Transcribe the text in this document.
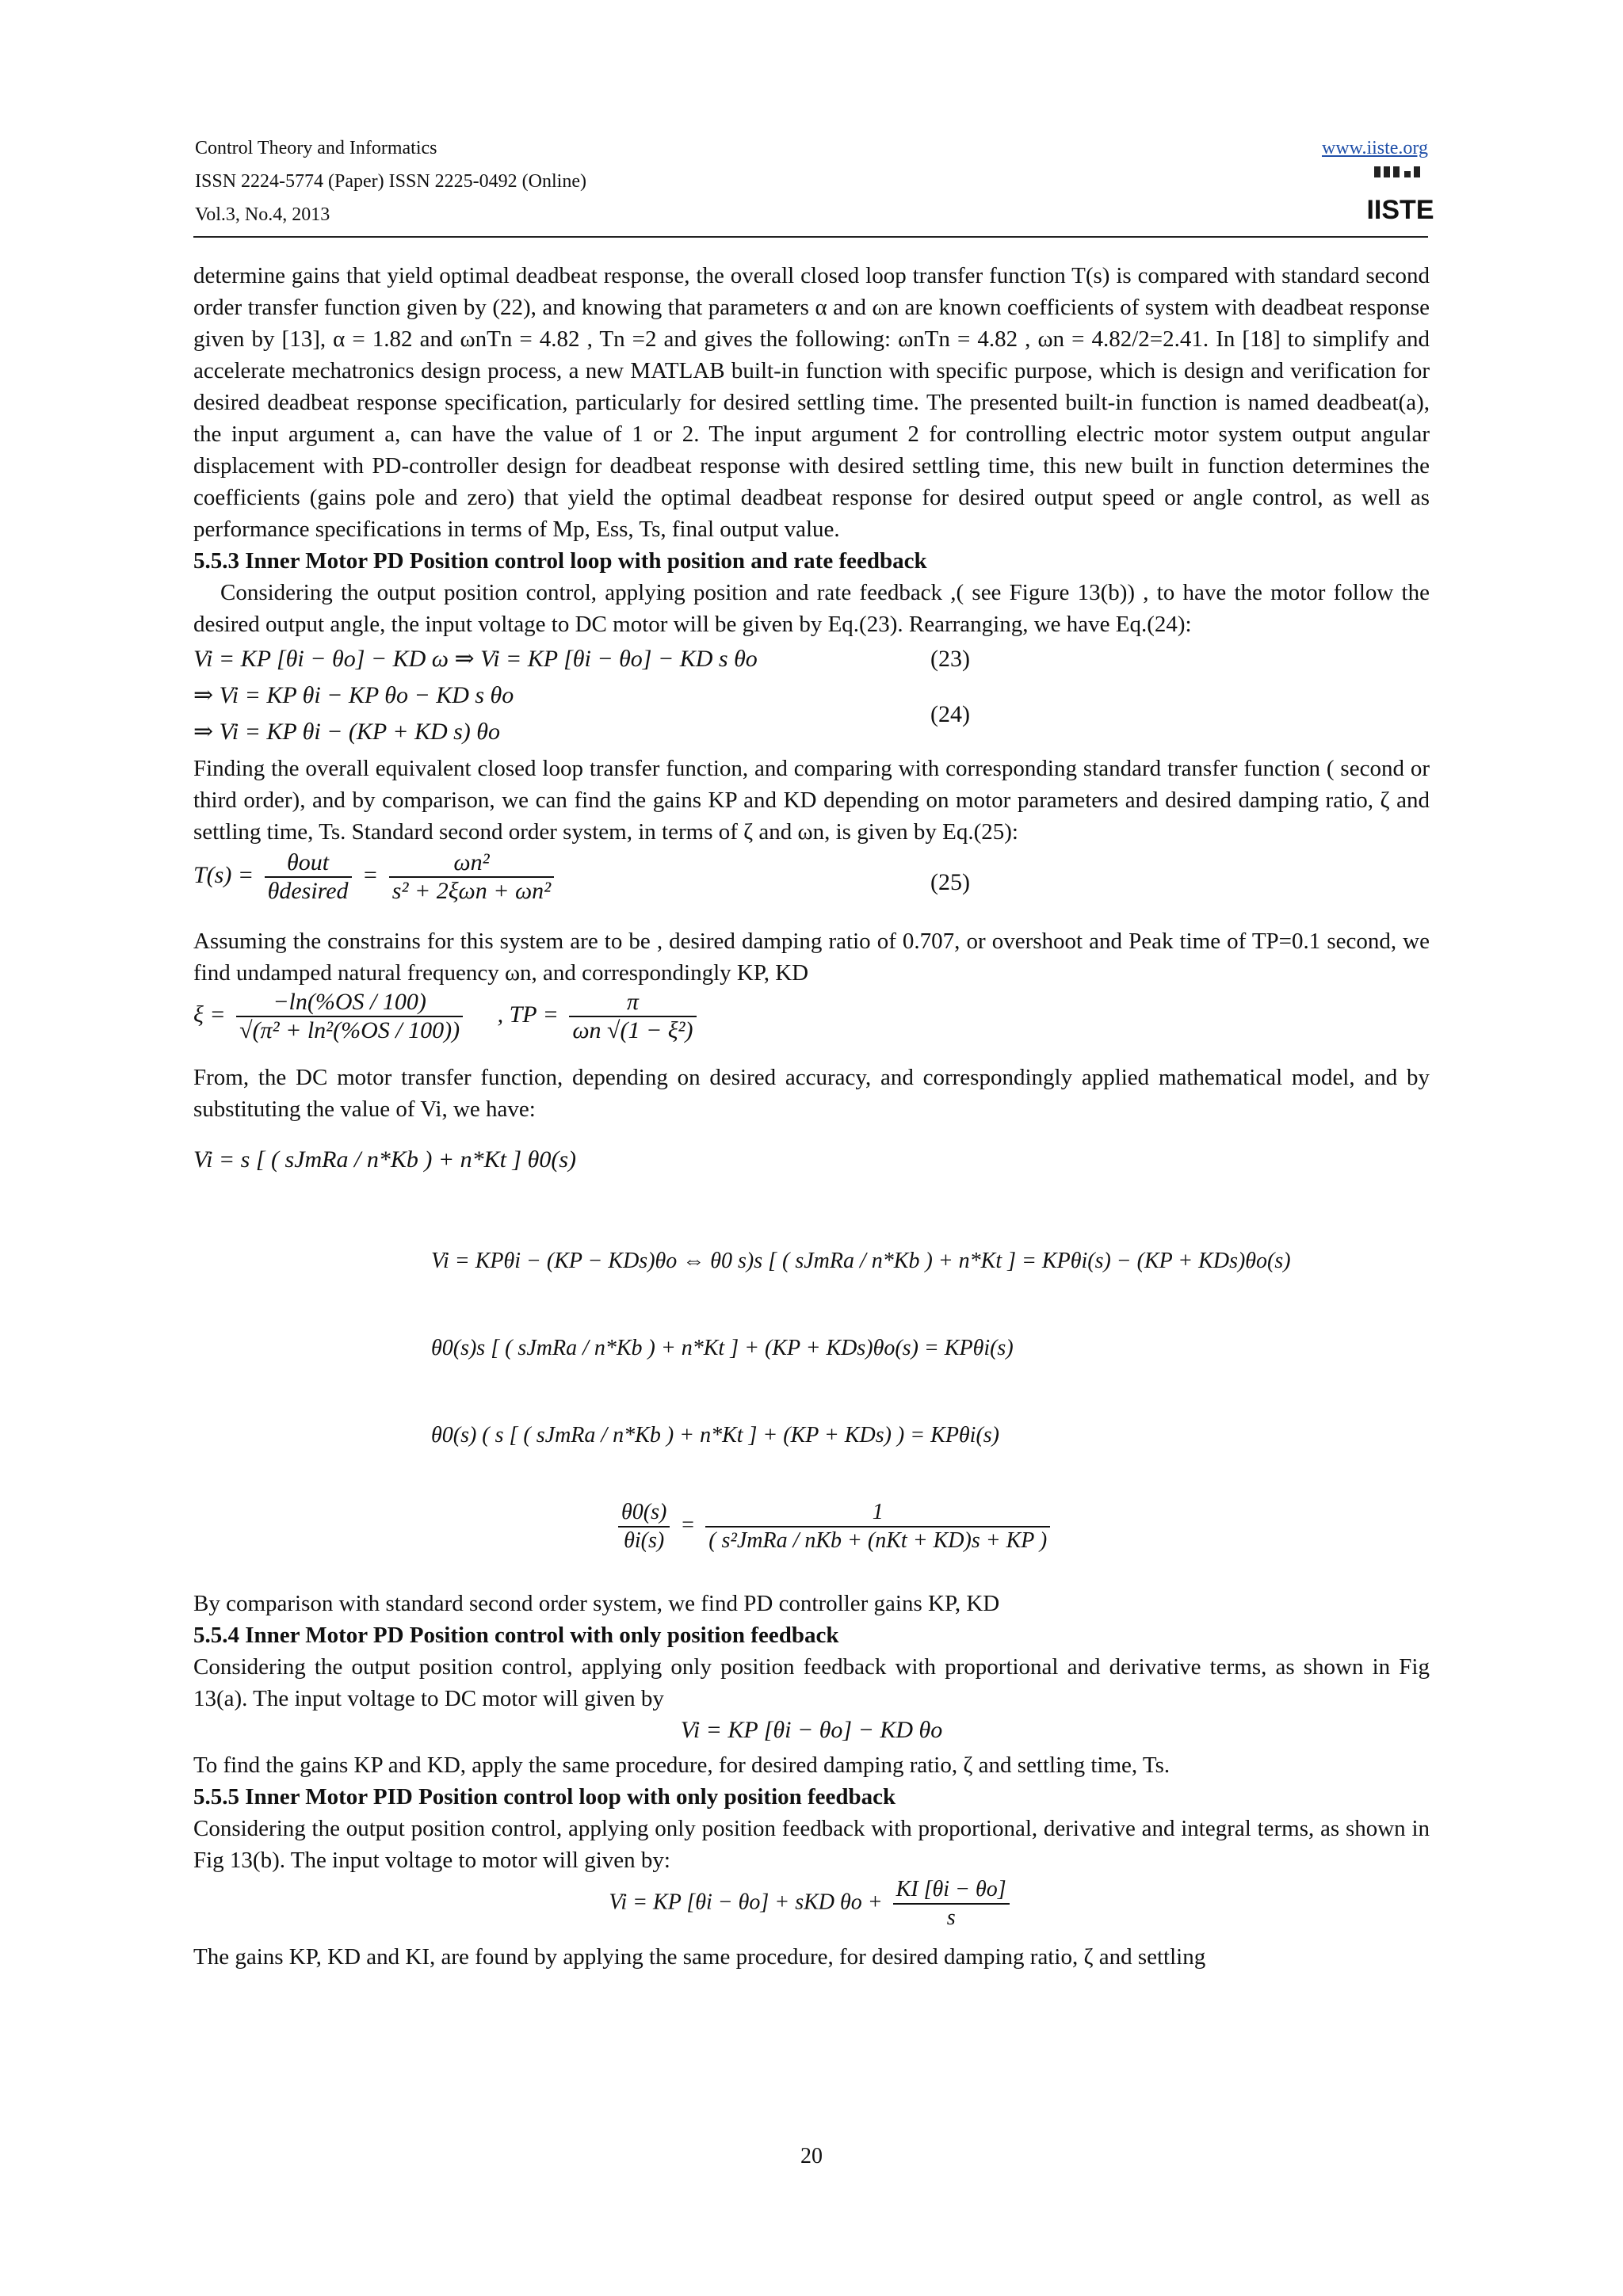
Control Theory and Informatics
ISSN 2224-5774 (Paper) ISSN 2225-0492 (Online)
Vol.3, No.4, 2013
www.iiste.org
IISTE

determine gains that yield optimal deadbeat response, the overall closed loop transfer function T(s) is compared with standard second order transfer function given by (22), and knowing that parameters α and ωn are known coefficients of system with deadbeat response given by [13], α = 1.82 and ωnTn = 4.82 , Tn =2 and gives the following: ωnTn = 4.82 , ωn = 4.82/2=2.41. In [18] to simplify and accelerate mechatronics design process, a new MATLAB built-in function with specific purpose, which is design and verification for desired deadbeat response specification, particularly for desired settling time. The presented built-in function is named deadbeat(a), the input argument a, can have the value of 1 or 2. The input argument 2 for controlling electric motor system output angular displacement with PD-controller design for deadbeat response with desired settling time, this new built in function determines the coefficients (gains pole and zero) that yield the optimal deadbeat response for desired output speed or angle control, as well as performance specifications in terms of Mp, Ess, Ts, final output value.

5.5.3 Inner Motor PD Position control loop with position and rate feedback

Considering the output position control, applying position and rate feedback ,( see Figure 13(b)) , to have the motor follow the desired output angle, the input voltage to DC motor will be given by Eq.(23). Rearranging, we have Eq.(24):

Vi = KP [θi − θo] − KD ω ⇒ Vi = KP [θi − θo] − KD s θo	(23)
⇒ Vi = KP θi − KP θo − KD s θo
(24)
⇒ Vi = KP θi − (KP + KD s) θo

Finding the overall equivalent closed loop transfer function, and comparing with corresponding standard transfer function ( second or third order), and by comparison, we can find the gains KP and KD depending on motor parameters and desired damping ratio, ζ and settling time, Ts. Standard second order system, in terms of ζ and ωn, is given by Eq.(25):

$T(s) = \frac{\text{θout}}{\text{θdesired}} = \frac{\text{ωn²}}{\text{s² + 2ξωn + ωn²}}$	(25)

Assuming the constrains for this system are to be , desired damping ratio of 0.707, or overshoot and Peak time of TP=0.1 second, we find undamped natural frequency ωn, and correspondingly KP, KD

$\xi = \frac{-\ln(\%OS / 100)}{\text{√(π² + ln²(\%OS / 100))}}$ , TP = $\frac{\pi}{\text{ωn √(1 − ξ²)}}$

From, the DC motor transfer function, depending on desired accuracy, and correspondingly applied mathematical model, and by substituting the value of Vi, we have:

Vi = s [ ( sJmRa / n*Kb ) + n*Kt ] θ0(s)
Vi = KPθi − (KP − KDs)θo ⇔ θ0 s)s [ ( sJmRa / n*Kb ) + n*Kt ] = KPθi(s) − (KP + KDs)θo(s)
θ0(s)s [ ( sJmRa / n*Kb ) + n*Kt ] + (KP + KDs)θo(s) = KPθi(s)
θ0(s) ( s [ ( sJmRa / n*Kb ) + n*Kt ] + (KP + KDs) ) = KPθi(s)
$\frac{\theta 0(s)}{\theta i(s)} = \frac{1}{\text{( s²JmRa / nKb + (nKt + KD)s + KP )}}$

By comparison with standard second order system, we find PD controller gains KP, KD

5.5.4 Inner Motor PD Position control with only position feedback

Considering the output position control, applying only position feedback with proportional and derivative terms, as shown in Fig 13(a). The input voltage to DC motor will given by

Vi = KP [θi − θo] − KD θo

To find the gains KP and KD, apply the same procedure, for desired damping ratio, ζ and settling time, Ts.

5.5.5 Inner Motor PID Position control loop with only position feedback

Considering the output position control, applying only position feedback with proportional, derivative and integral terms, as shown in Fig 13(b). The input voltage to motor will given by:

Vi = KP [θi − θo] + sKD $\theta o + \frac{KI [\theta i - \theta o]}{s}$

The gains KP, KD and KI, are found by applying the same procedure, for desired damping ratio, ζ and settling

20
